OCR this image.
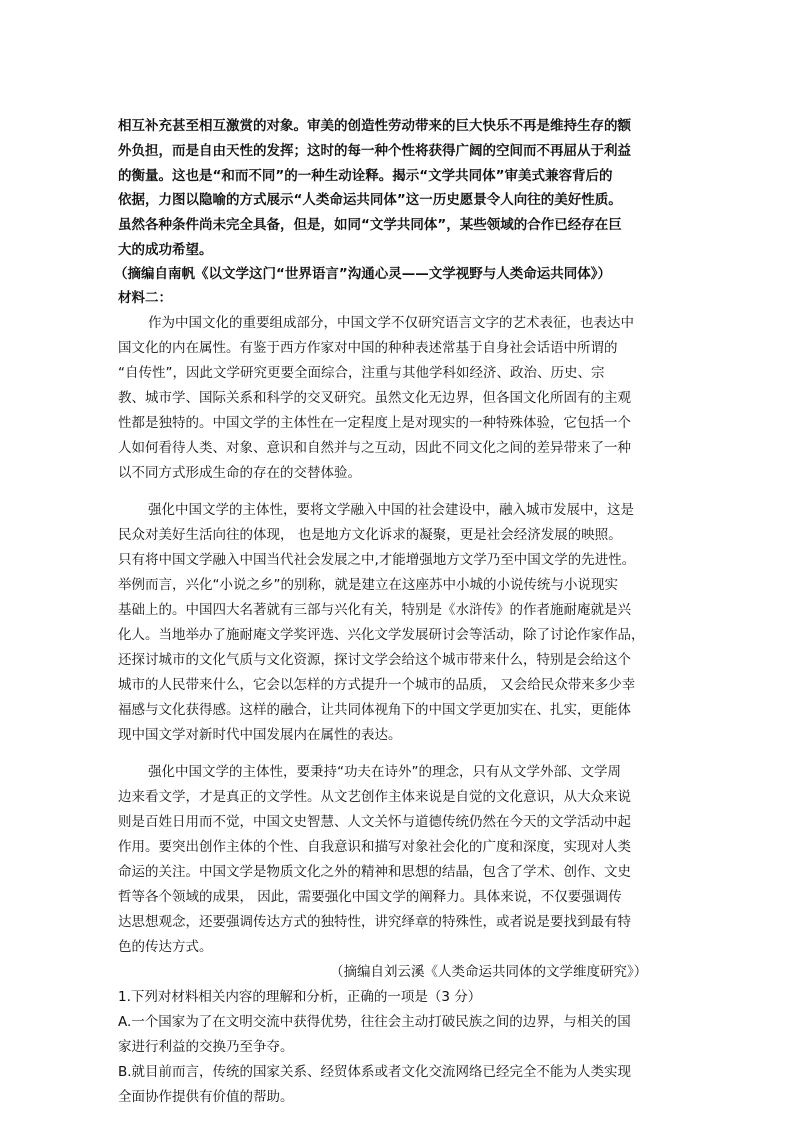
相互补充甚至相互激赏的对象。审美的创造性劳动带来的巨大快乐不再是维持生存的额
外负担，而是自由天性的发挥；这时的每一种个性将获得广阔的空间而不再屈从于利益
的衡量。这也是“和而不同”的一种生动诠释。揭示“文学共同体”审美式兼容背后的
依据，力图以隐喻的方式展示“人类命运共同体”这一历史愿景令人向往的美好性质。
虽然各种条件尚未完全具备，但是，如同“文学共同体”，某些领域的合作已经存在巨
大的成功希望。
（摘编自南帆《以文学这门“世界语言”沟通心灵——文学视野与人类命运共同体》）
材料二：
作为中国文化的重要组成部分，中国文学不仅研究语言文字的艺术表征，也表达中
国文化的内在属性。有鉴于西方作家对中国的种种表述常基于自身社会话语中所谓的
“自传性”，因此文学研究更要全面综合，注重与其他学科如经济、政治、历史、宗
教、城市学、国际关系和科学的交叉研究。虽然文化无边界，但各国文化所固有的主观
性都是独特的。中国文学的主体性在一定程度上是对现实的一种特殊体验，它包括一个
人如何看待人类、对象、意识和自然并与之互动，因此不同文化之间的差异带来了一种
以不同方式形成生命的存在的交替体验。
强化中国文学的主体性，要将文学融入中国的社会建设中，融入城市发展中，这是
民众对美好生活向往的体现， 也是地方文化诉求的凝聚，更是社会经济发展的映照。
只有将中国文学融入中国当代社会发展之中,才能增强地方文学乃至中国文学的先进性。
举例而言，兴化“小说之乡”的别称，就是建立在这座苏中小城的小说传统与小说现实
基础上的。中国四大名著就有三部与兴化有关，特别是《水浒传》的作者施耐庵就是兴
化人。当地举办了施耐庵文学奖评选、兴化文学发展研讨会等活动，除了讨论作家作品，
还探讨城市的文化气质与文化资源，探讨文学会给这个城市带来什么，特别是会给这个
城市的人民带来什么，它会以怎样的方式提升一个城市的品质， 又会给民众带来多少幸
福感与文化获得感。这样的融合，让共同体视角下的中国文学更加实在、扎实，更能体
现中国文学对新时代中国发展内在属性的表达。
强化中国文学的主体性，要秉持“功夫在诗外”的理念，只有从文学外部、文学周
边来看文学，才是真正的文学性。从文艺创作主体来说是自觉的文化意识，从大众来说
则是百姓日用而不觉，中国文史智慧、人文关怀与道德传统仍然在今天的文学活动中起
作用。要突出创作主体的个性、自我意识和描写对象社会化的广度和深度，实现对人类
命运的关注。中国文学是物质文化之外的精神和思想的结晶，包含了学术、创作、文史
哲等各个领域的成果， 因此，需要强化中国文学的阐释力。具体来说，不仅要强调传
达思想观念，还要强调传达方式的独特性，讲究绎章的特殊性，或者说是要找到最有特
色的传达方式。
（摘编自刘云溪《人类命运共同体的文学维度研究》）
1.下列对材料相关内容的理解和分析，正确的一项是（3 分）
A.一个国家为了在文明交流中获得优势，往往会主动打破民族之间的边界，与相关的国
家进行利益的交换乃至争夺。
B.就目前而言，传统的国家关系、经贸体系或者文化交流网络已经完全不能为人类实现
全面协作提供有价值的帮助。
